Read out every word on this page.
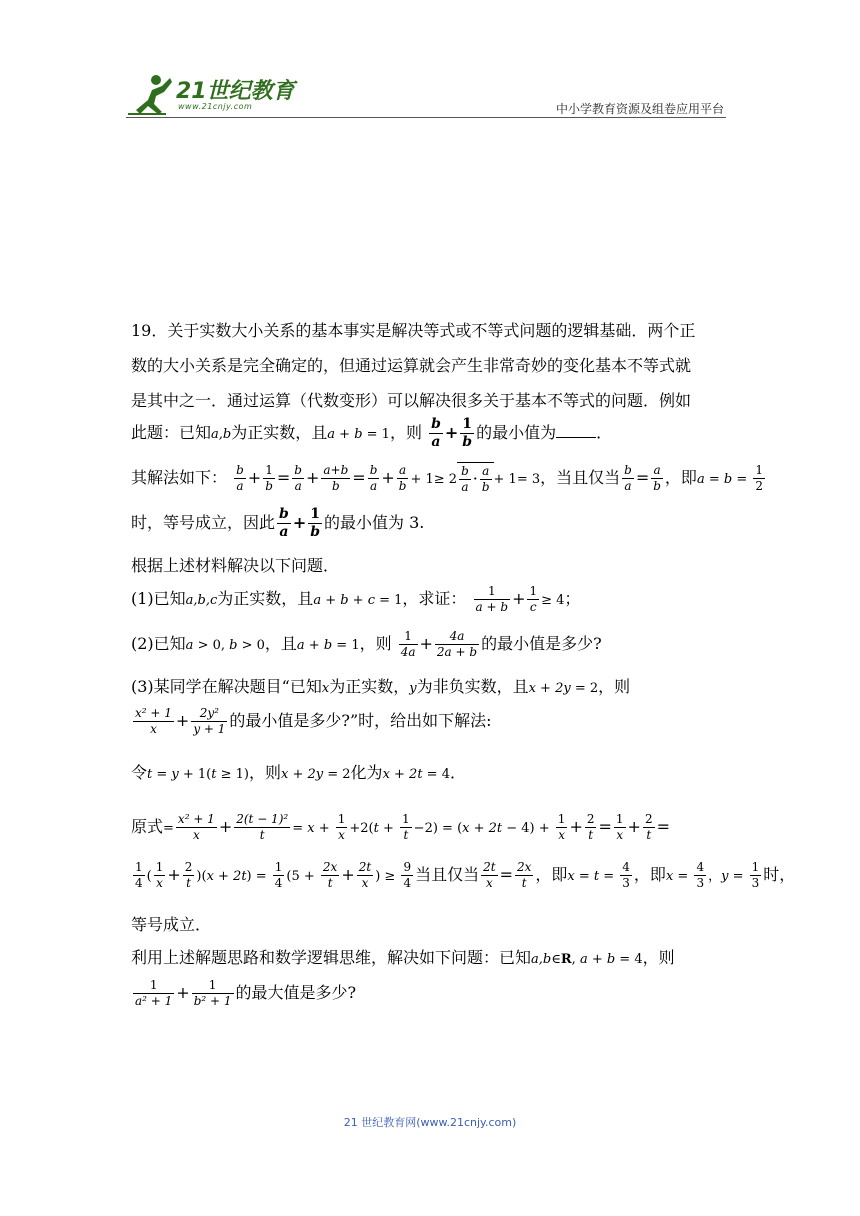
21世纪教育
www.21cnjy.com	中小学教育资源及组卷应用平台
19．关于实数大小关系的基本事实是解决等式或不等式问题的逻辑基础．两个正
数的大小关系是完全确定的，但通过运算就会产生非常奇妙的变化基本不等式就
是其中之一．通过运算（代数变形）可以解决很多关于基本不等式的问题．例如
此题：已知a,b为正实数，且a + b = 1，则 $\frac{b}{a} + \frac{1}{b}$ 的最小值为	．
其解法如下： $\frac{b}{a} + \frac{1}{b} = \frac{b}{a} + \frac{a+b}{b} = \frac{b}{a} + \frac{a}{b} + 1\ge 2 \frac{b}{a} \cdot \frac{a}{b} + 1= 3$，当且仅当 $\frac{b}{a} = \frac{a}{b}$ ，即$a = b = \frac{1}{2}$
时，等号成立，因此 $\frac{b}{a} + \frac{1}{b}$ 的最小值为 3.
根据上述材料解决以下问题．
(1)已知a,b,c为正实数，且a + b + c = 1，求证： $\frac{1}{a + b} + \frac{1}{c} \ge 4$；
(2)已知a > 0, b > 0，且a + b = 1，则 $\frac{1}{4a} + \frac{4a}{2a + b}$ 的最小值是多少?
(3)某同学在解决题目“已知x为正实数，y为非负实数，且x + 2y = 2，则
$\frac{\text{x² + 1}}{x} + \frac{\text{2y²}}{y + 1}$ 的最小值是多少?”时，给出如下解法:
令t = y + 1(t ≥ 1)，则x + 2y = 2化为x + 2t = 4．
原式= $\frac{\text{x² + 1}}{x} + \frac{\text{2(t − 1)²}}{t} = x + \frac{1}{x} +2(t + \frac{1}{t} -2) = (x + 2t - 4) + \frac{1}{x} + \frac{2}{t} = \frac{1}{x} + \frac{2}{t}$ =
$\frac{1}{4}$ ( $\frac{1}{x} + \frac{2}{t} )(x + 2t) = \frac{1}{4} (5 + \frac{2x}{t} + \frac{2t}{x}$ ) ≥ $\frac{9}{4}$ 当且仅当 $\frac{2t}{x} = \frac{2x}{t}$ ，即$x = t = \frac{4}{3}$ ，即$x = \frac{4}{3}$ ，$y = \frac{1}{3}$ 时，
等号成立．
利用上述解题思路和数学逻辑思维，解决如下问题：已知a,b∈R, a + b = 4，则
$\frac{1}{\text{a² + 1}} + \frac{1}{\text{b² + 1}}$ 的最大值是多少?
21 世纪教育网(www.21cnjy.com)
